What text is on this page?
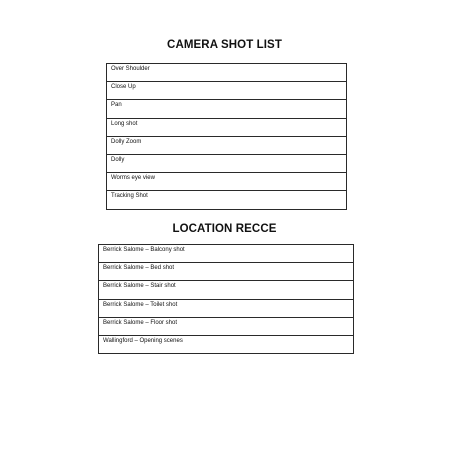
CAMERA SHOT LIST
Over Shoulder
Close Up
Pan
Long shot
Dolly Zoom
Dolly
Worms eye view
Tracking Shot
LOCATION RECCE
Berrick Salome – Balcony shot
Berrick Salome – Bed shot
Berrick Salome – Stair shot
Berrick Salome – Toilet shot
Berrick Salome – Floor shot
Wallingford – Opening scenes
